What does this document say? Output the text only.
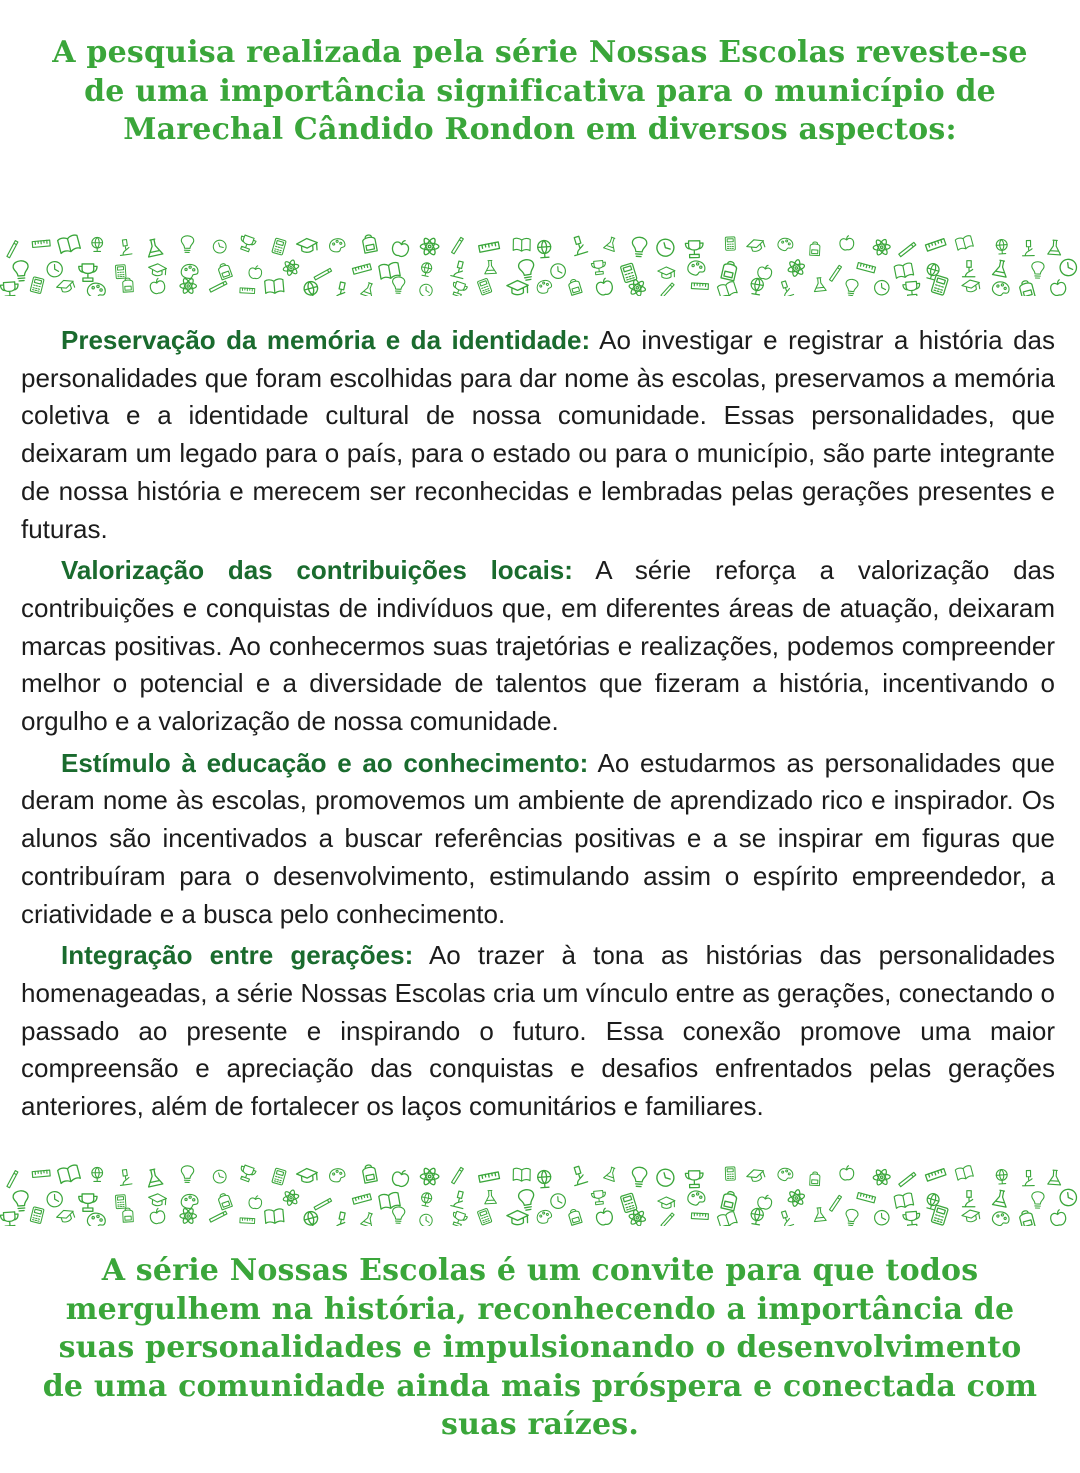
A pesquisa realizada pela série Nossas Escolas reveste-se de uma importância significativa para o município de Marechal Cândido Rondon em diversos aspectos:

Preservação da memória e da identidade: Ao investigar e registrar a história das personalidades que foram escolhidas para dar nome às escolas, preservamos a memória coletiva e a identidade cultural de nossa comunidade. Essas personalidades, que deixaram um legado para o país, para o estado ou para o município, são parte integrante de nossa história e merecem ser reconhecidas e lembradas pelas gerações presentes e futuras.

Valorização das contribuições locais: A série reforça a valorização das contribuições e conquistas de indivíduos que, em diferentes áreas de atuação, deixaram marcas positivas. Ao conhecermos suas trajetórias e realizações, podemos compreender melhor o potencial e a diversidade de talentos que fizeram a história, incentivando o orgulho e a valorização de nossa comunidade.

Estímulo à educação e ao conhecimento: Ao estudarmos as personalidades que deram nome às escolas, promovemos um ambiente de aprendizado rico e inspirador. Os alunos são incentivados a buscar referências positivas e a se inspirar em figuras que contribuíram para o desenvolvimento, estimulando assim o espírito empreendedor, a criatividade e a busca pelo conhecimento.

Integração entre gerações: Ao trazer à tona as histórias das personalidades homenageadas, a série Nossas Escolas cria um vínculo entre as gerações, conectando o passado ao presente e inspirando o futuro. Essa conexão promove uma maior compreensão e apreciação das conquistas e desafios enfrentados pelas gerações anteriores, além de fortalecer os laços comunitários e familiares.

A série Nossas Escolas é um convite para que todos mergulhem na história, reconhecendo a importância de suas personalidades e impulsionando o desenvolvimento de uma comunidade ainda mais próspera e conectada com suas raízes.
